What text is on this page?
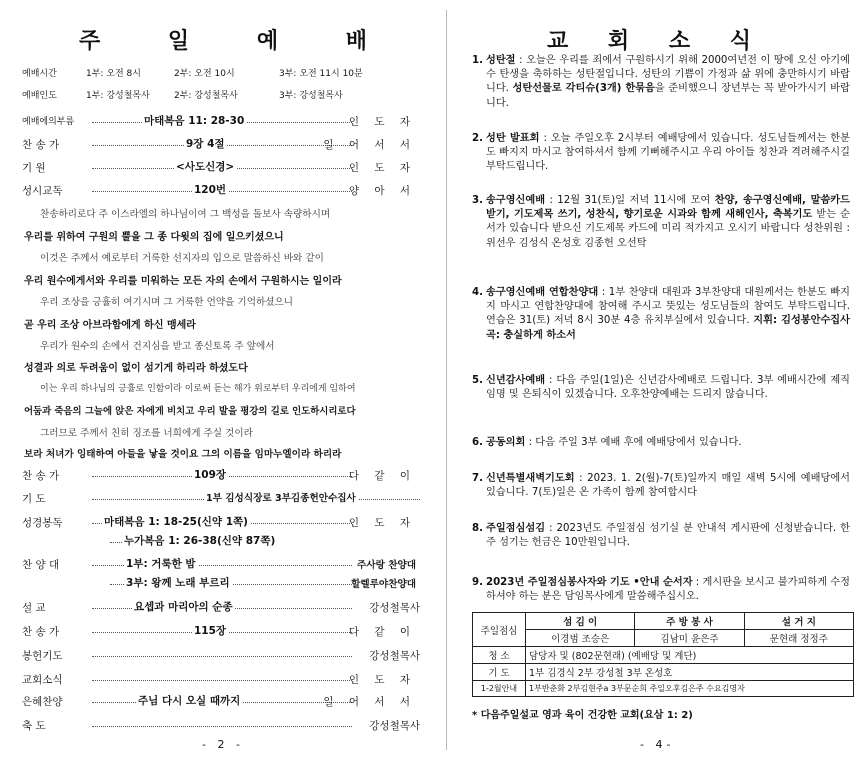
주 일 예 배
예배시간	1부: 오전 8시	2부: 오전 10시	3부: 오전 11시 10분
예배인도	1부: 강성철목사	2부: 강성철목사	3부: 강성철목사
예배에의부름	마태복음 11: 28-30	인 도 자
찬 송 가	9장 4절	일 어 서 서
기 원	<사도신경>	인 도 자
성시교독	120번	양 아 서
찬송하리로다 주 이스라엘의 하나님이여 그 백성을 돌보사 속량하시며
우리를 위하여 구원의 뿔을 그 종 다윗의 집에 일으키셨으니
이것은 주께서 예로부터 거룩한 선지자의 입으로 말씀하신 바와 같이
우리 원수에게서와 우리를 미워하는 모든 자의 손에서 구원하시는 일이라
우리 조상을 긍휼히 여기시며 그 거룩한 언약을 기억하셨으니
곧 우리 조상 아브라함에게 하신 맹세라
우리가 원수의 손에서 건지심을 받고 종신토록 주 앞에서
성결과 의로 두려움이 없이 섬기게 하리라 하셨도다
이는 우리 하나님의 긍휼로 인함이라 이로써 돋는 해가 위로부터 우리에게 임하여
어둠과 죽음의 그늘에 앉은 자에게 비치고 우리 발을 평강의 길로 인도하시리로다
그러므로 주께서 친히 징조를 너희에게 주실 것이라
보라 처녀가 잉태하여 아들을 낳을 것이요 그의 이름을 임마누엘이라 하리라
찬 송 가	109장	다 같 이
기 도	1부 김성식장로 3부김종헌안수집사
성경봉독	마태복음 1: 18-25(신약 1쪽)	인 도 자
누가복음 1: 26-38(신약 87쪽)
찬 양 대	1부: 거룩한 밤	주사랑 찬양대
3부: 왕께 노래 부르리	할렐루야찬양대
설 교	요셉과 마리아의 순종	강성철목사
찬 송 가	115장	다 같 이
봉헌기도	강성철목사
교회소식	인 도 자
은혜찬양	주님 다시 오실 때까지	일 어 서 서
축 도	강성철목사
- 2 -
교 회 소 식
1. 성탄절 : 오늘은 우리를 죄에서 구원하시기 위해 2000여년전 이 땅에 오신 아기예수 탄생을 축하하는 성탄절입니다. 성탄의 기쁨이 가정과 삶 위에 충만하시기 바랍니다. 성탄선물로 각티슈(3개) 한묶음을 준비했으니 장년부는 꼭 받아가시기 바랍니다.
2. 성탄 발표회 : 오늘 주일오후 2시부터 예배당에서 있습니다. 성도님들께서는 한분도 빠지지 마시고 참여하셔서 함께 기뻐해주시고 우리 아이들 칭찬과 격려해주시길 부탁드립니다.
3. 송구영신예배 : 12월 31(토)일 저녁 11시에 모여 찬양, 송구영신예배, 말씀카드 받기, 기도제목 쓰기, 성찬식, 향기로운 시과와 함께 새해인사, 축복기도 받는 순서가 있습니다 받으신 기도제목 카드에 미리 적가지고 오시기 바랍니다 성찬위원 : 위선우 김성식 온성호 김종헌 오선탁
4. 송구영신예배 연합찬양대 : 1부 찬양대 대원과 3부찬양대 대원께서는 한분도 빠지지 마시고 연합찬양대에 참여해 주시고 뜻있는 성도님들의 참여도 부탁드립니다. 연습은 31(토) 저녁 8시 30분 4층 유치부실에서 있습니다. 지휘: 김성봉안수집사 곡: 충실하게 하소서
5. 신년감사예배 : 다음 주일(1일)은 신년감사예배로 드립니다. 3부 예배시간에 제직임명 및 은퇴식이 있겠습니다. 오후찬양예배는 드리지 않습니다.
6. 공동의회 : 다음 주일 3부 예배 후에 예배당에서 있습니다.
7. 신년특별새벽기도회 : 2023. 1. 2(월)-7(토)일까지 매일 새벽 5시에 예배당에서 있습니다. 7(토)일은 온 가족이 함께 참여합시다
8. 주일점심섬김 : 2023년도 주일점심 섬기실 분 안내석 게시판에 신청받습니다. 한주 섬기는 헌금은 10만원입니다.
9. 2023년 주일점심봉사자와 기도 •안내 순서자 : 게시판을 보시고 불가피하게 수정하셔야 하는 분은 담임목사에게 말씀해주십시오.
주일점심	섬 김 이	주 방 봉 사	설 거 지
	이경범 조승은	김남미 윤은주	문현래 정정주
청 소	담당자 및 (802문현래) (예배당 및 계단)		
기 도	1부 김경식 2부 강성철 3부 온성호		
1-2월안내	1부반춘화 2부김현주a 3부문순희 주일오후김은주 수요김명자		
* 다음주일설교 영과 육이 건강한 교회(요삼 1: 2)
- 4-
